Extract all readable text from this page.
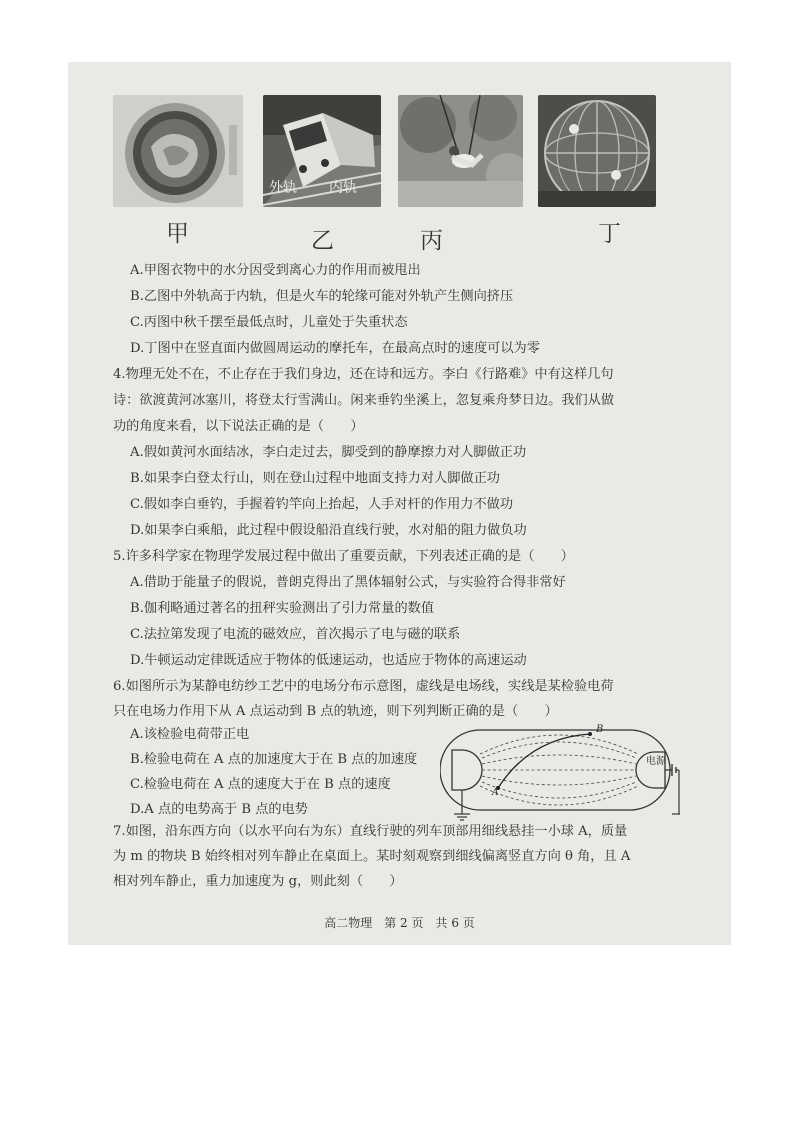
外轨 内轨
甲	乙	丙	丁
A.甲图衣物中的水分因受到离心力的作用而被甩出
B.乙图中外轨高于内轨，但是火车的轮缘可能对外轨产生侧向挤压
C.丙图中秋千摆至最低点时，儿童处于失重状态
D.丁图中在竖直面内做圆周运动的摩托车，在最高点时的速度可以为零
4.物理无处不在，不止存在于我们身边，还在诗和远方。李白《行路难》中有这样几句
诗：欲渡黄河冰塞川，将登太行雪满山。闲来垂钓坐溪上，忽复乘舟梦日边。我们从做
功的角度来看，以下说法正确的是（　　）
A.假如黄河水面结冰，李白走过去，脚受到的静摩擦力对人脚做正功
B.如果李白登太行山，则在登山过程中地面支持力对人脚做正功
C.假如李白垂钓，手握着钓竿向上抬起，人手对杆的作用力不做功
D.如果李白乘船，此过程中假设船沿直线行驶，水对船的阻力做负功
5.许多科学家在物理学发展过程中做出了重要贡献，下列表述正确的是（　　）
A.借助于能量子的假说，普朗克得出了黑体辐射公式，与实验符合得非常好
B.伽利略通过著名的扭秤实验测出了引力常量的数值
C.法拉第发现了电流的磁效应，首次揭示了电与磁的联系
D.牛顿运动定律既适应于物体的低速运动，也适应于物体的高速运动
6.如图所示为某静电纺纱工艺中的电场分布示意图，虚线是电场线，实线是某检验电荷
只在电场力作用下从 A 点运动到 B 点的轨迹，则下列判断正确的是（　　）
A.该检验电荷带正电
B.检验电荷在 A 点的加速度大于在 B 点的加速度
C.检验电荷在 A 点的速度大于在 B 点的速度
D.A 点的电势高于 B 点的电势
A
B
电源
7.如图，沿东西方向（以水平向右为东）直线行驶的列车顶部用细线悬挂一小球 A，质量
为 m 的物块 B 始终相对列车静止在桌面上。某时刻观察到细线偏离竖直方向 θ 角，且 A
相对列车静止，重力加速度为 g，则此刻（　　）
高二物理　第 2 页　共 6 页
